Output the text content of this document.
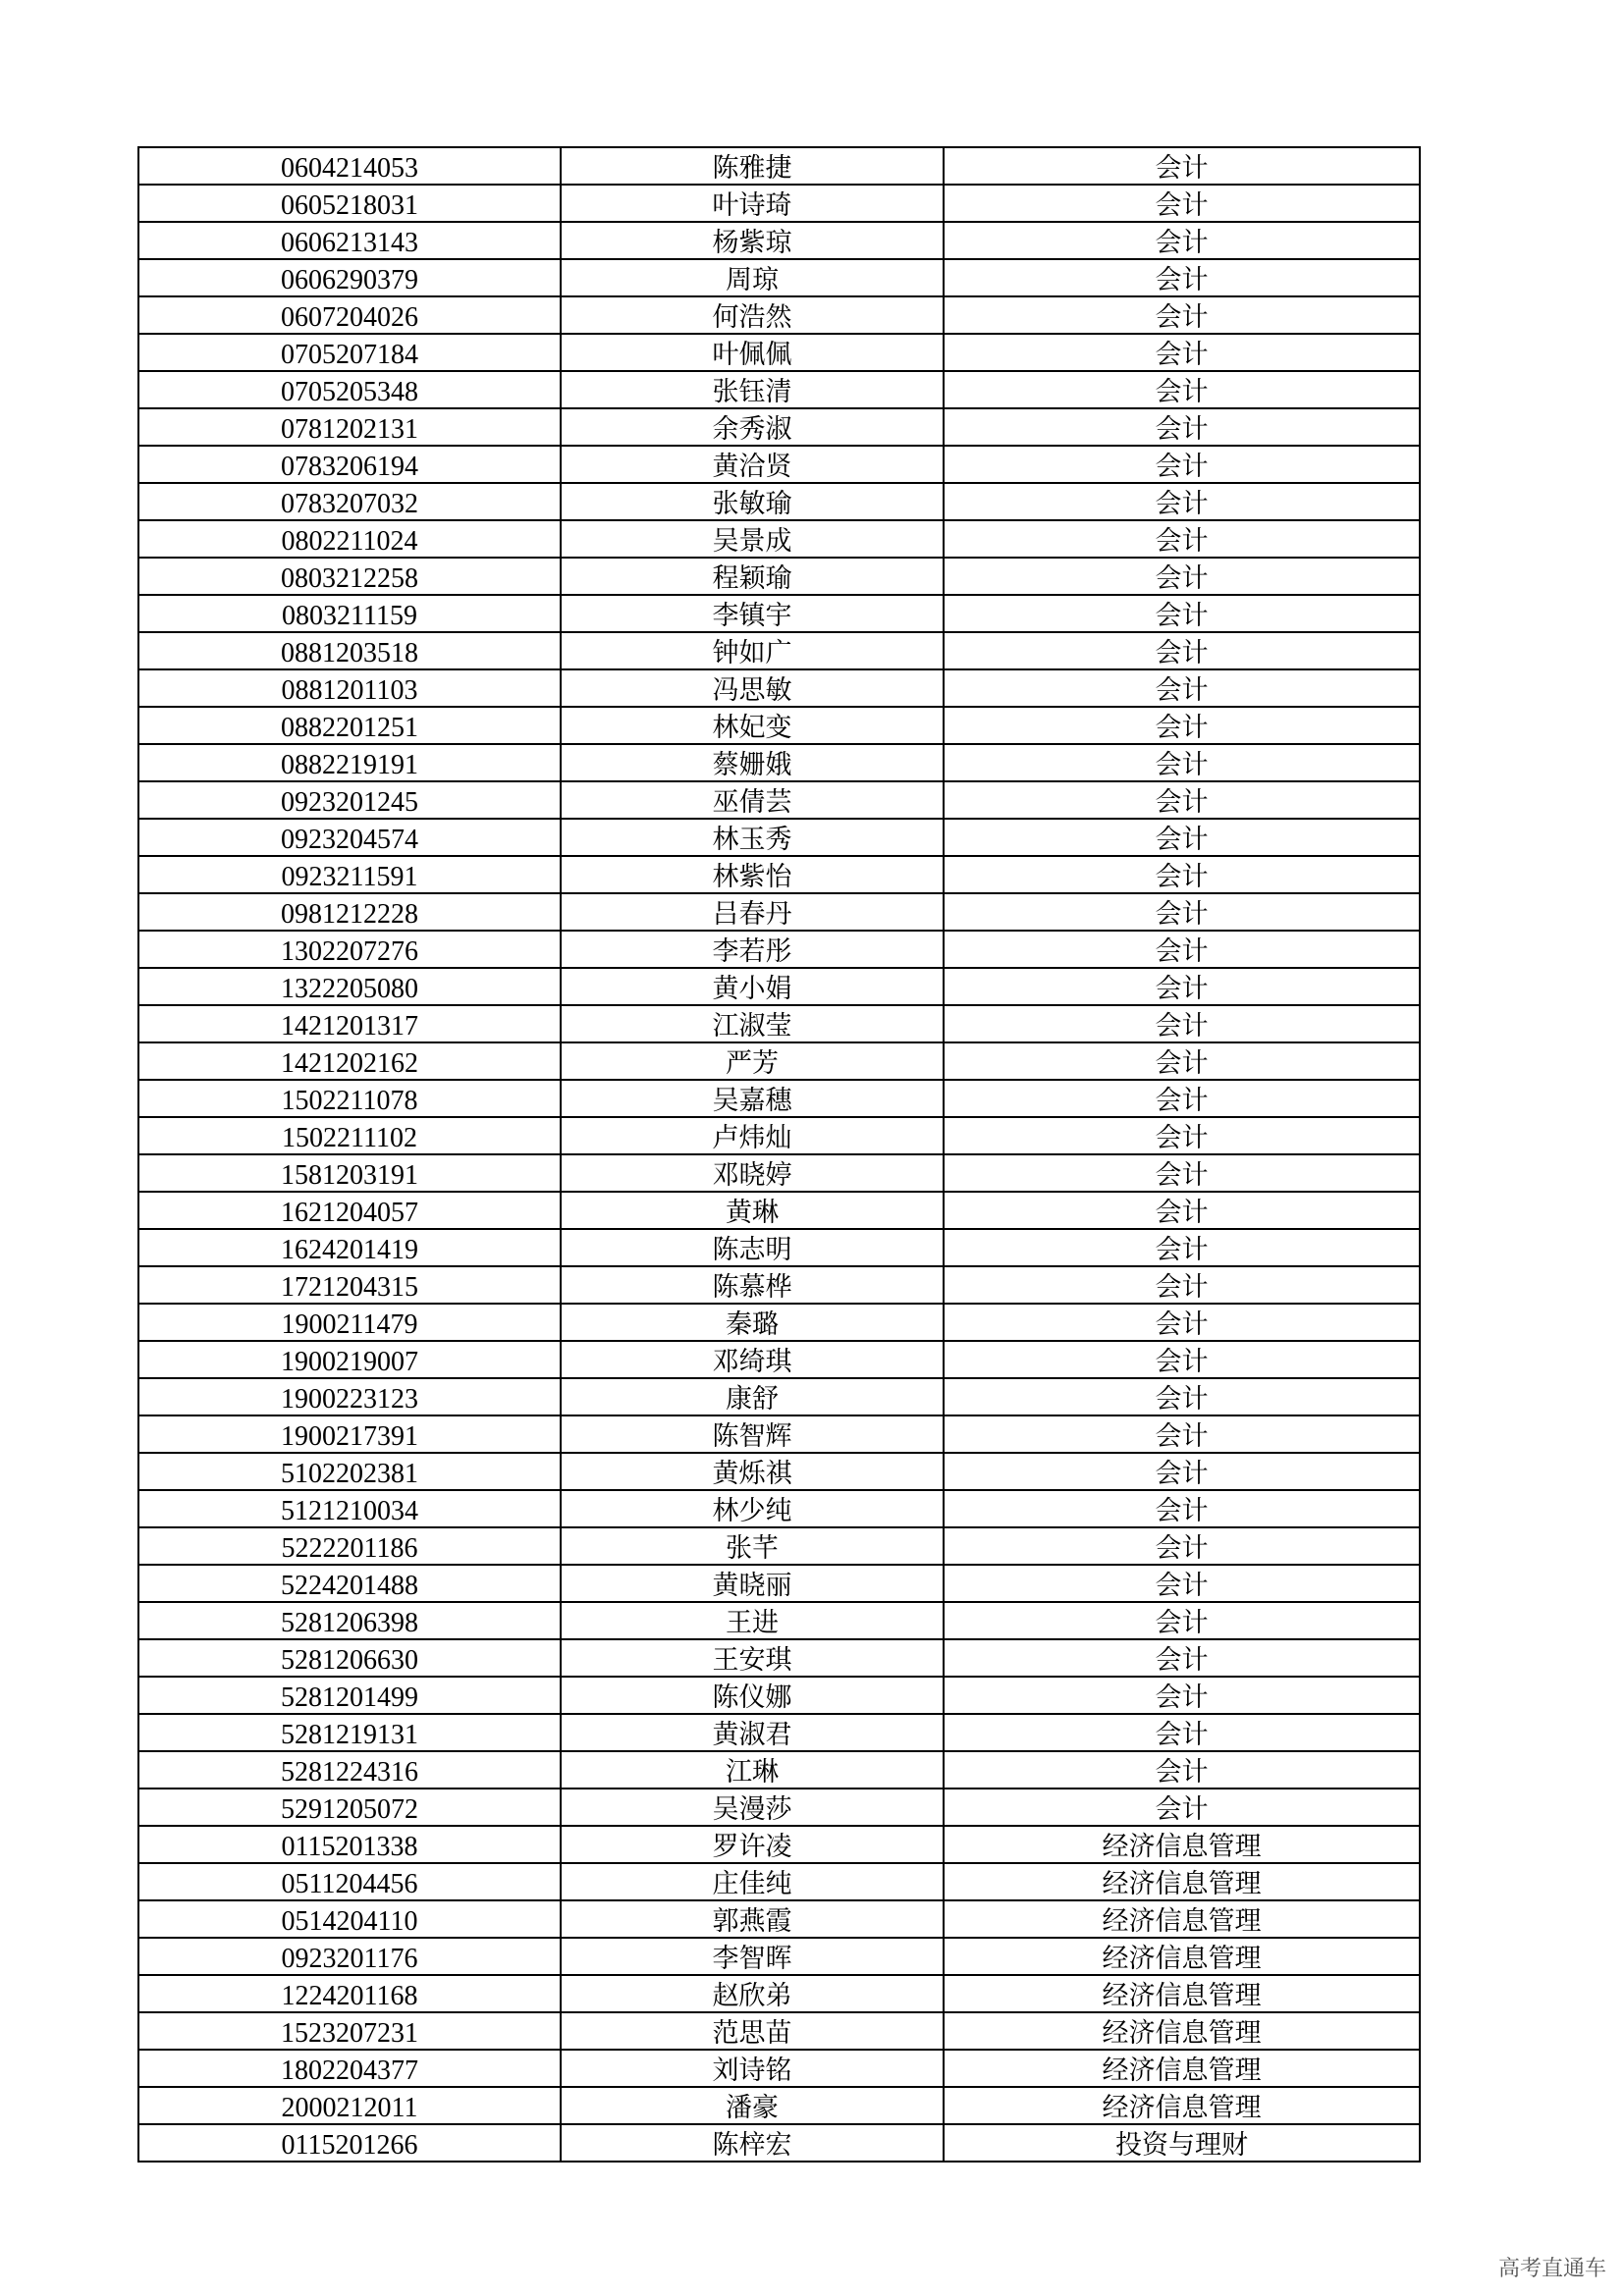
0604214053	陈雅捷	会计
0605218031	叶诗琦	会计
0606213143	杨紫琼	会计
0606290379	周琼	会计
0607204026	何浩然	会计
0705207184	叶佩佩	会计
0705205348	张钰清	会计
0781202131	余秀淑	会计
0783206194	黄洽贤	会计
0783207032	张敏瑜	会计
0802211024	吴景成	会计
0803212258	程颖瑜	会计
0803211159	李镇宇	会计
0881203518	钟如广	会计
0881201103	冯思敏	会计
0882201251	林妃变	会计
0882219191	蔡姗娥	会计
0923201245	巫倩芸	会计
0923204574	林玉秀	会计
0923211591	林紫怡	会计
0981212228	吕春丹	会计
1302207276	李若彤	会计
1322205080	黄小娟	会计
1421201317	江淑莹	会计
1421202162	严芳	会计
1502211078	吴嘉穗	会计
1502211102	卢炜灿	会计
1581203191	邓晓婷	会计
1621204057	黄琳	会计
1624201419	陈志明	会计
1721204315	陈慕桦	会计
1900211479	秦璐	会计
1900219007	邓绮琪	会计
1900223123	康舒	会计
1900217391	陈智辉	会计
5102202381	黄烁祺	会计
5121210034	林少纯	会计
5222201186	张芊	会计
5224201488	黄晓丽	会计
5281206398	王进	会计
5281206630	王安琪	会计
5281201499	陈仪娜	会计
5281219131	黄淑君	会计
5281224316	江琳	会计
5291205072	吴漫莎	会计
0115201338	罗许凌	经济信息管理
0511204456	庄佳纯	经济信息管理
0514204110	郭燕霞	经济信息管理
0923201176	李智晖	经济信息管理
1224201168	赵欣弟	经济信息管理
1523207231	范思苗	经济信息管理
1802204377	刘诗铭	经济信息管理
2000212011	潘豪	经济信息管理
0115201266	陈梓宏	投资与理财
高考直通车
